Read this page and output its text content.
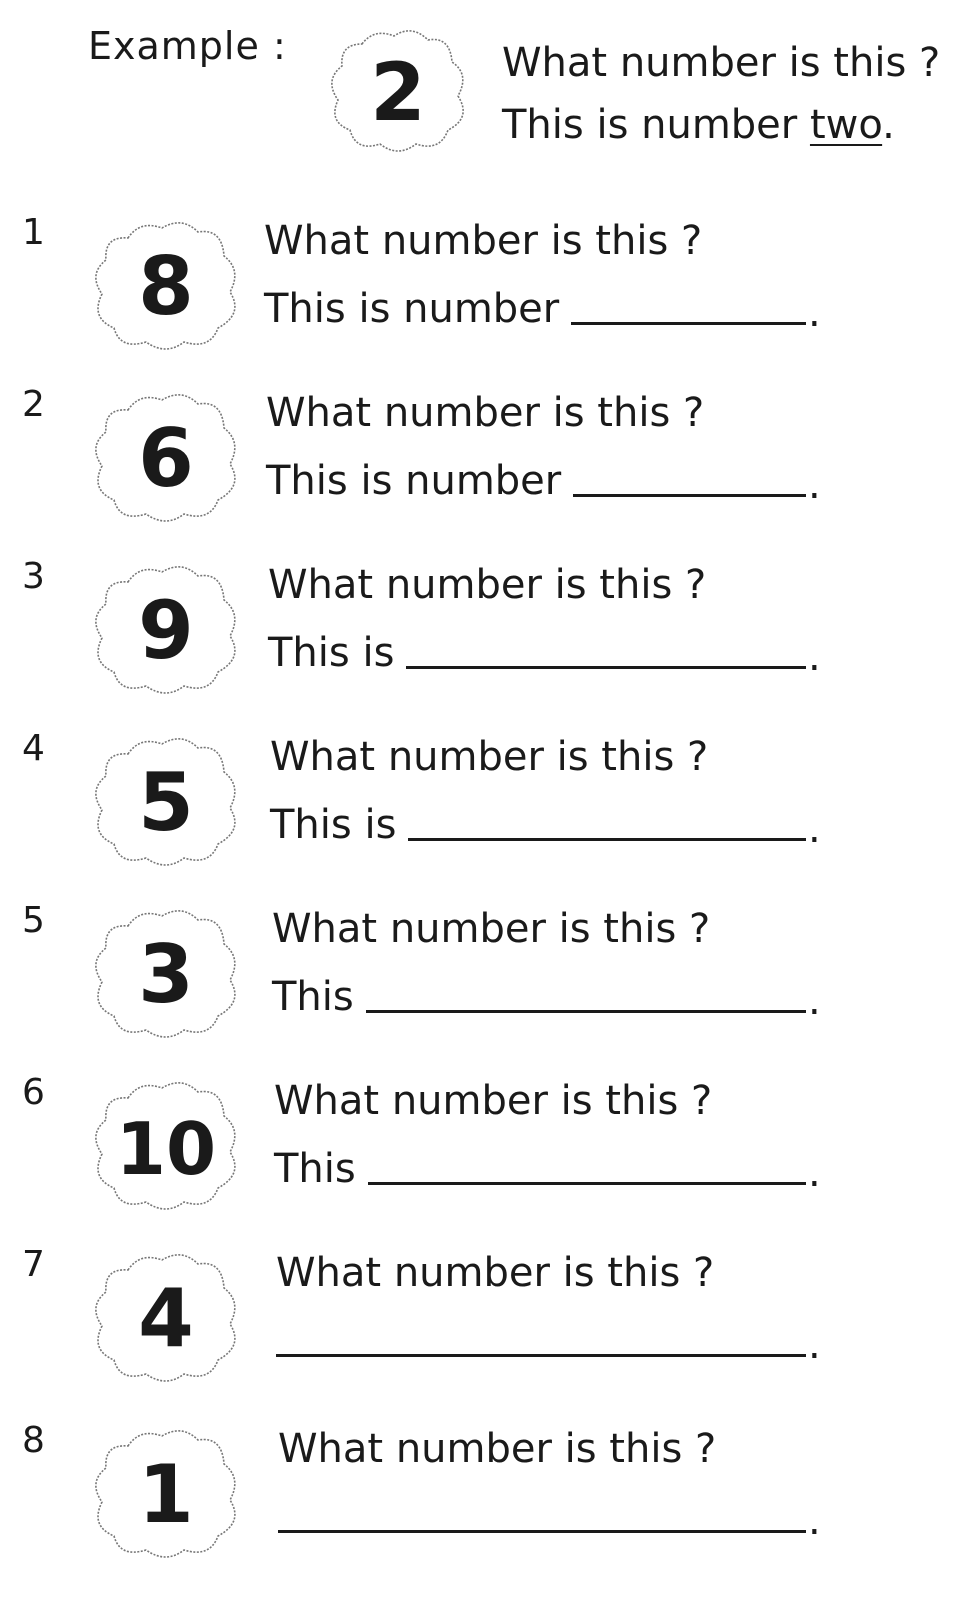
Example : 2 What number is this ?
This is number two.
1
8 What number is this ?
This is number	.
2
6 What number is this ?
This is number	.
3
9 What number is this ?
This is	.
4
5 What number is this ?
This is	.
5
3 What number is this ?
This	.
6
10
What number is this ?
This	.
7
4 What number is this ?
.
8
1 What number is this ?
.
